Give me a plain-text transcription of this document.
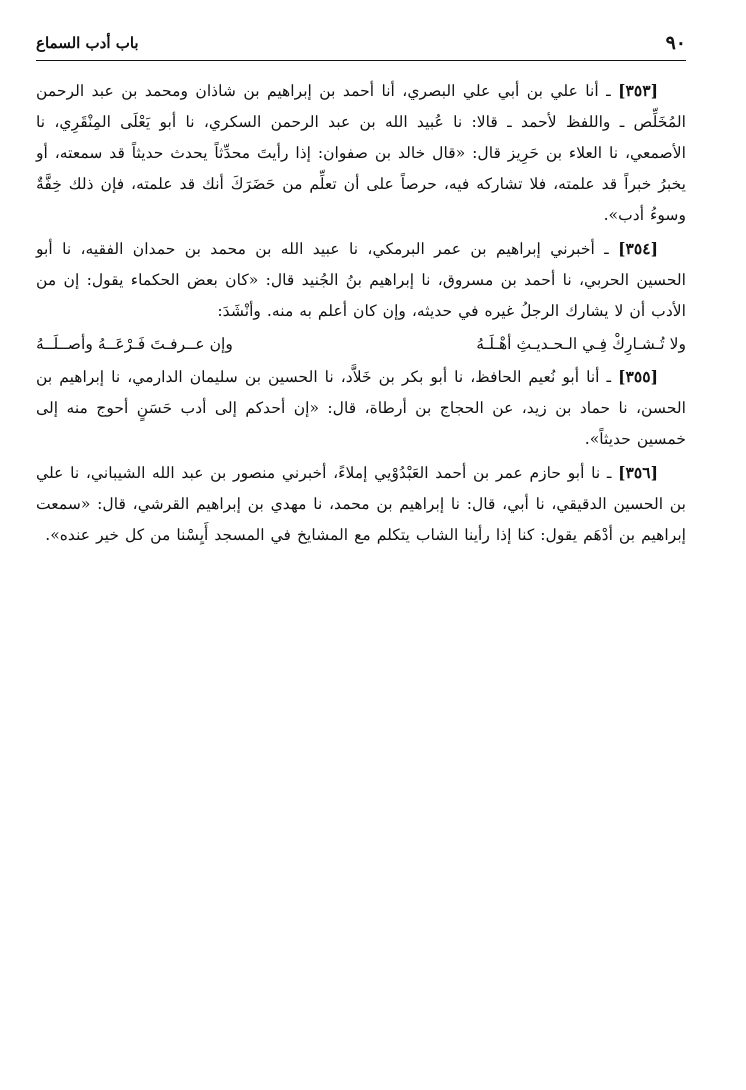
٩٠
باب أدب السماع

[٣٥٣] ـ أنا علي بن أبي علي البصري، أنا أحمد بن إبراهيم بن شاذان ومحمد بن عبد الرحمن المُخَلِّص ـ واللفظ لأحمد ـ قالا: نا عُبيد الله بن عبد الرحمن السكري، نا أبو يَعْلَى المِنْقَرِي، نا الأصمعي، نا العلاء بن حَرِيز قال: «قال خالد بن صفوان: إذا رأيتَ محدِّثاً يحدث حديثاً قد سمعته، أو يخبرُ خبراً قد علمته، فلا تشاركه فيه، حرصاً على أن تعلِّم من حَضَرَكَ أنك قد علمته، فإن ذلك خِفَّةٌ وسوءُ أدب».

[٣٥٤] ـ أخبرني إبراهيم بن عمر البرمكي، نا عبيد الله بن محمد بن حمدان الفقيه، نا أبو الحسين الحربي، نا أحمد بن مسروق، نا إبراهيم بنُ الجُنيد قال: «كان بعض الحكماء يقول: إن من الأدب أن لا يشارك الرجلُ غيره في حديثه، وإن كان أعلم به منه. وأنْشَدَ:

ولا تُـشـارِكْ فِـي الـحـديـثِ أهْـلَـهُ
وإن عــرفـتَ فَـرْعَــهُ وأصــلَــهُ

[٣٥٥] ـ أنا أبو نُعيم الحافظ، نا أبو بكر بن خَلاَّد، نا الحسين بن سليمان الدارمي، نا إبراهيم بن الحسن، نا حماد بن زيد، عن الحجاج بن أرطاة، قال: «إن أحدكم إلى أدب حَسَنٍ أحوج منه إلى خمسين حديثاً».

[٣٥٦] ـ نا أبو حازم عمر بن أحمد العَبْدُوْيي إملاءً، أخبرني منصور بن عبد الله الشيباني، نا علي بن الحسين الدقيقي، نا أبي، قال: نا إبراهيم بن محمد، نا مهدي بن إبراهيم القرشي، قال: «سمعت إبراهيم بن أدْهَم يقول: كنا إذا رأينا الشاب يتكلم مع المشايخ في المسجد أَيِسْنا من كل خير عنده».
